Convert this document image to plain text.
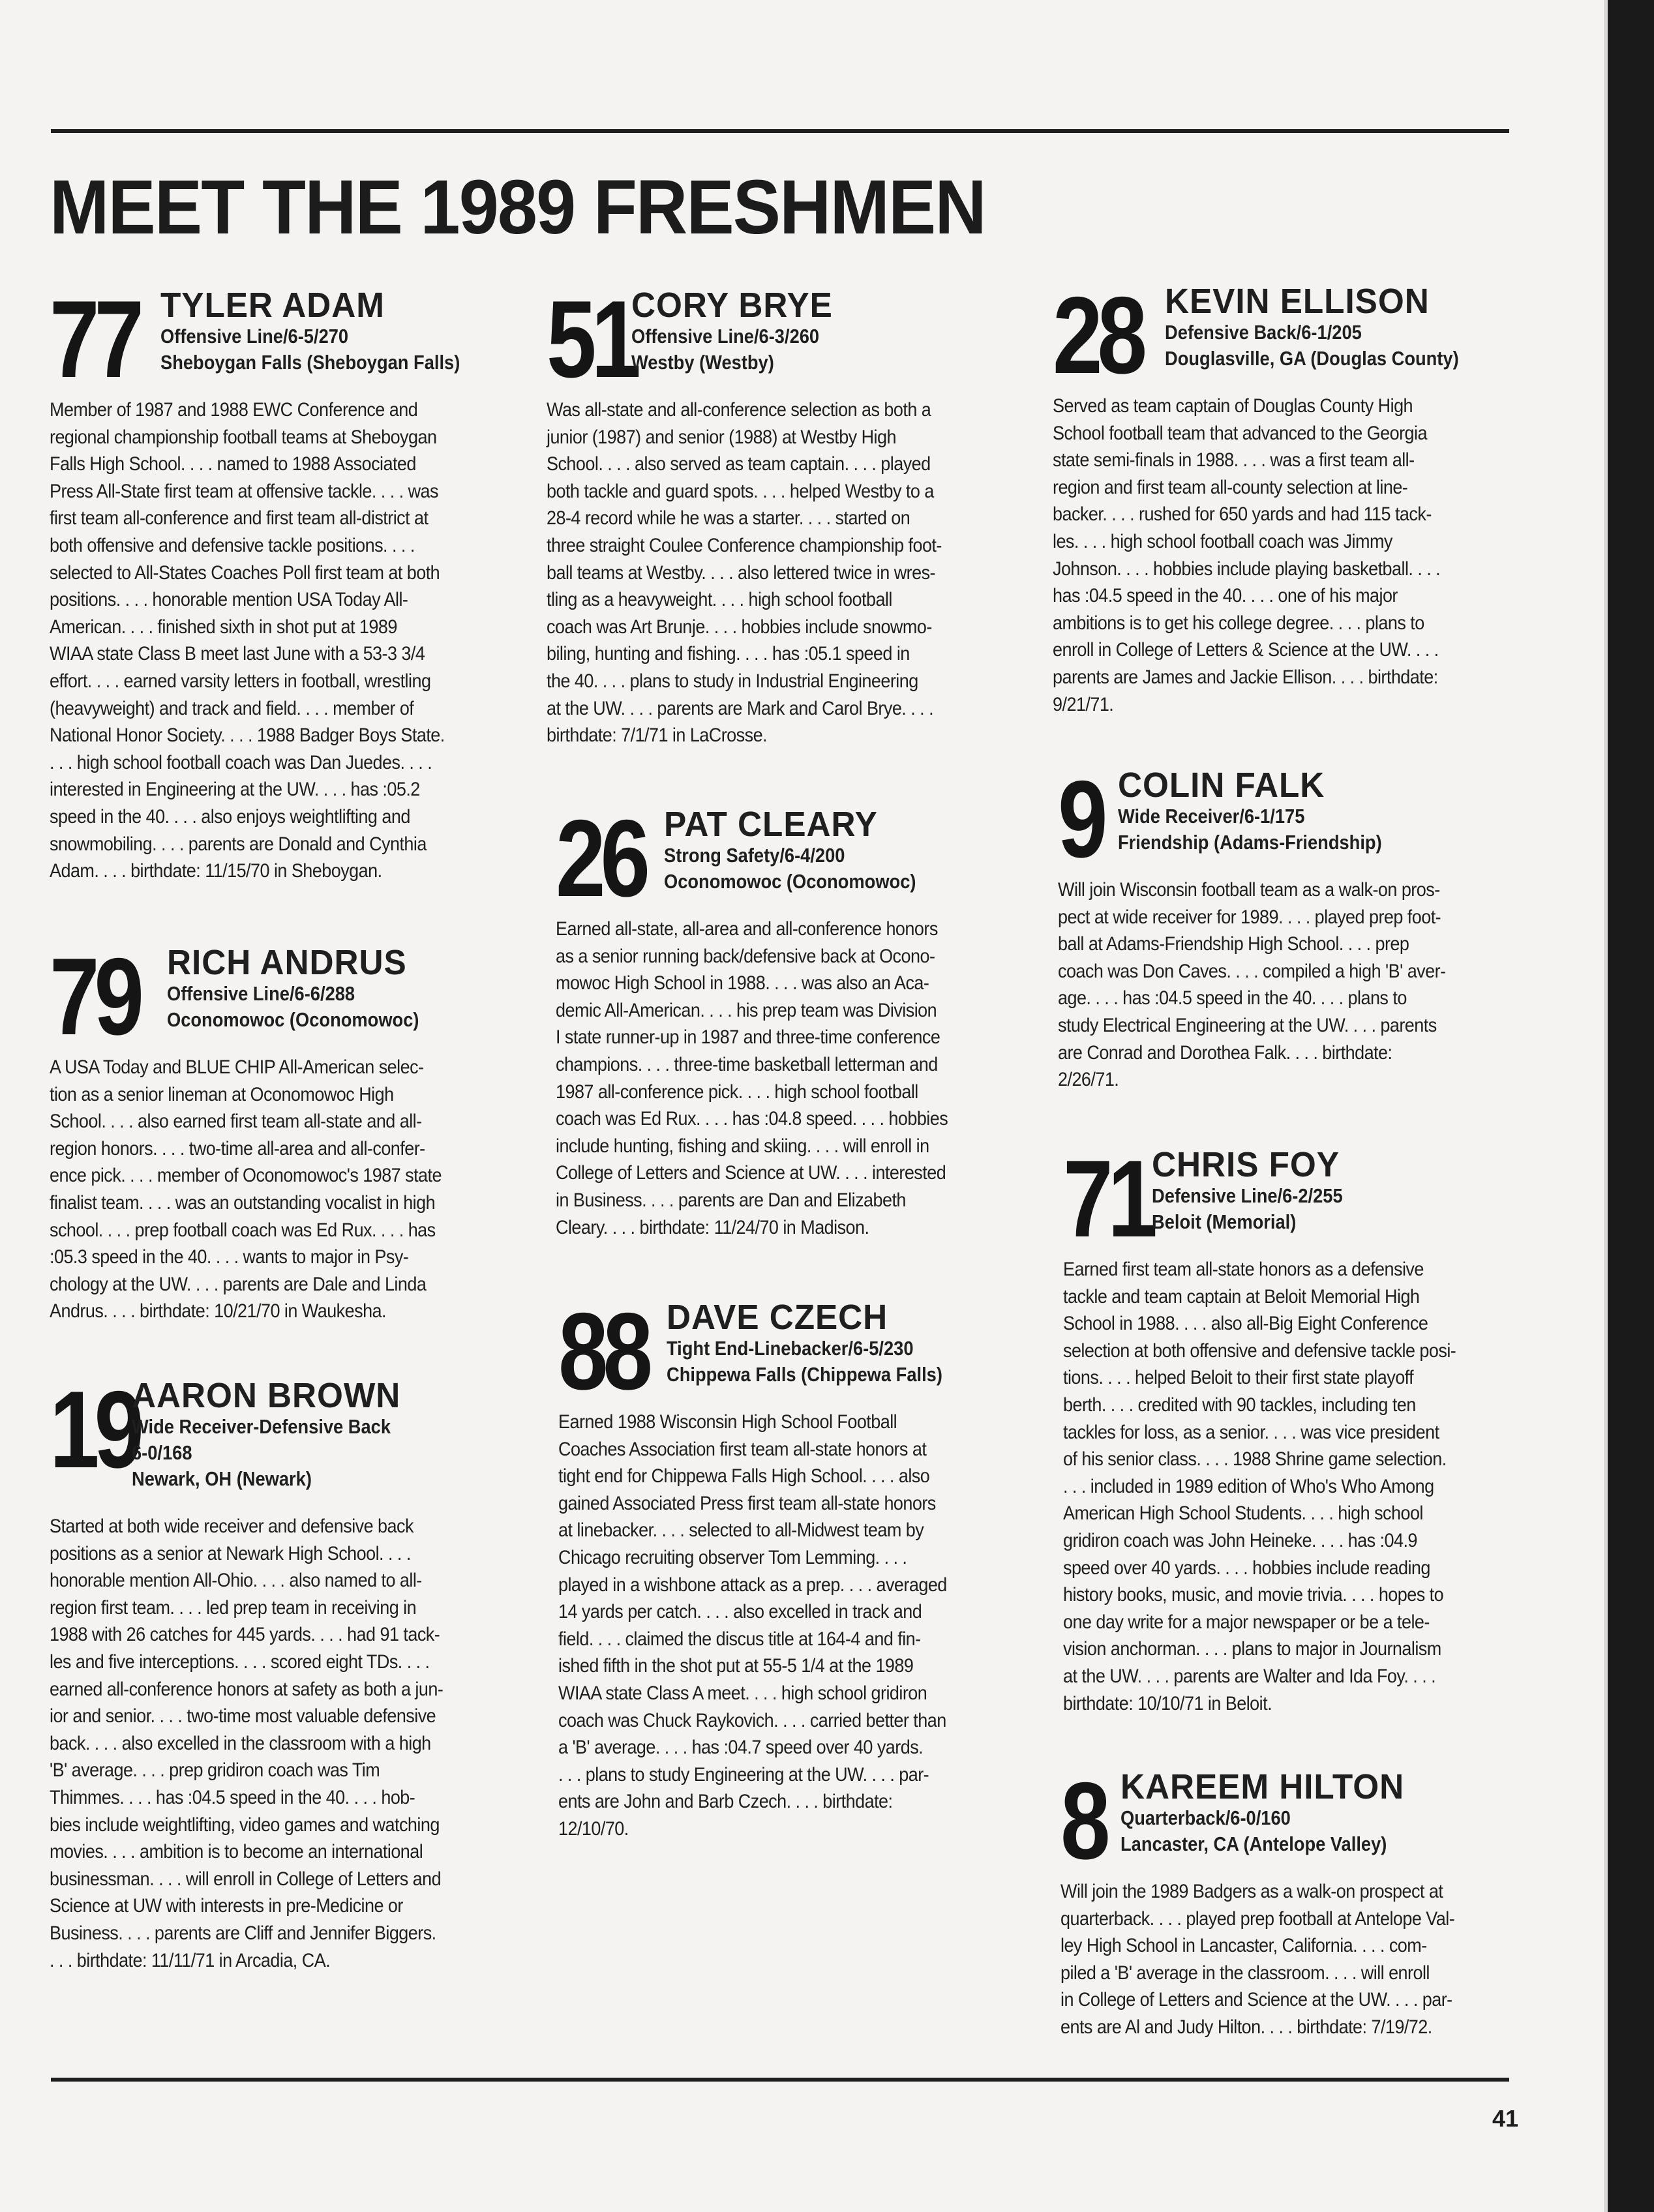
MEET THE 1989 FRESHMEN
77 TYLER ADAM
Offensive Line/6-5/270
Sheboygan Falls (Sheboygan Falls)

Member of 1987 and 1988 EWC Conference and

regional championship football teams at Sheboygan

Falls High School. . . . named to 1988 Associated

Press All-State first team at offensive tackle. . . . was

first team all-conference and first team all-district at

both offensive and defensive tackle positions. . . .

selected to All-States Coaches Poll first team at both

positions. . . . honorable mention USA Today All-

American. . . . finished sixth in shot put at 1989

WIAA state Class B meet last June with a 53-3 3/4

effort. . . . earned varsity letters in football, wrestling

(heavyweight) and track and field. . . . member of

National Honor Society. . . . 1988 Badger Boys State.

. . . high school football coach was Dan Juedes. . . .

interested in Engineering at the UW. . . . has :05.2

speed in the 40. . . . also enjoys weightlifting and

snowmobiling. . . . parents are Donald and Cynthia

Adam. . . . birthdate: 11/15/70 in Sheboygan.

79 RICH ANDRUS
Offensive Line/6-6/288
Oconomowoc (Oconomowoc)

A USA Today and BLUE CHIP All-American selec-

tion as a senior lineman at Oconomowoc High

School. . . . also earned first team all-state and all-

region honors. . . . two-time all-area and all-confer-

ence pick. . . . member of Oconomowoc's 1987 state

finalist team. . . . was an outstanding vocalist in high

school. . . . prep football coach was Ed Rux. . . . has

:05.3 speed in the 40. . . . wants to major in Psy-

chology at the UW. . . . parents are Dale and Linda

Andrus. . . . birthdate: 10/21/70 in Waukesha.

19
AARON BROWN
Wide Receiver-Defensive Back
6-0/168
Newark, OH (Newark)

Started at both wide receiver and defensive back

positions as a senior at Newark High School. . . .

honorable mention All-Ohio. . . . also named to all-

region first team. . . . led prep team in receiving in

1988 with 26 catches for 445 yards. . . . had 91 tack-

les and five interceptions. . . . scored eight TDs. . . .

earned all-conference honors at safety as both a jun-

ior and senior. . . . two-time most valuable defensive

back. . . . also excelled in the classroom with a high

'B' average. . . . prep gridiron coach was Tim

Thimmes. . . . has :04.5 speed in the 40. . . . hob-

bies include weightlifting, video games and watching

movies. . . . ambition is to become an international

businessman. . . . will enroll in College of Letters and

Science at UW with interests in pre-Medicine or

Business. . . . parents are Cliff and Jennifer Biggers.

. . . birthdate: 11/11/71 in Arcadia, CA.

51
CORY BRYE
Offensive Line/6-3/260
Westby (Westby)

Was all-state and all-conference selection as both a

junior (1987) and senior (1988) at Westby High

School. . . . also served as team captain. . . . played

both tackle and guard spots. . . . helped Westby to a

28-4 record while he was a starter. . . . started on

three straight Coulee Conference championship foot-

ball teams at Westby. . . . also lettered twice in wres-

tling as a heavyweight. . . . high school football

coach was Art Brunje. . . . hobbies include snowmo-

biling, hunting and fishing. . . . has :05.1 speed in

the 40. . . . plans to study in Industrial Engineering

at the UW. . . . parents are Mark and Carol Brye. . . .

birthdate: 7/1/71 in LaCrosse.

26 PAT CLEARY
Strong Safety/6-4/200
Oconomowoc (Oconomowoc)

Earned all-state, all-area and all-conference honors

as a senior running back/defensive back at Ocono-

mowoc High School in 1988. . . . was also an Aca-

demic All-American. . . . his prep team was Division

I state runner-up in 1987 and three-time conference

champions. . . . three-time basketball letterman and

1987 all-conference pick. . . . high school football

coach was Ed Rux. . . . has :04.8 speed. . . . hobbies

include hunting, fishing and skiing. . . . will enroll in

College of Letters and Science at UW. . . . interested

in Business. . . . parents are Dan and Elizabeth

Cleary. . . . birthdate: 11/24/70 in Madison.

88 DAVE CZECH
Tight End-Linebacker/6-5/230
Chippewa Falls (Chippewa Falls)

Earned 1988 Wisconsin High School Football

Coaches Association first team all-state honors at

tight end for Chippewa Falls High School. . . . also

gained Associated Press first team all-state honors

at linebacker. . . . selected to all-Midwest team by

Chicago recruiting observer Tom Lemming. . . .

played in a wishbone attack as a prep. . . . averaged

14 yards per catch. . . . also excelled in track and

field. . . . claimed the discus title at 164-4 and fin-

ished fifth in the shot put at 55-5 1/4 at the 1989

WIAA state Class A meet. . . . high school gridiron

coach was Chuck Raykovich. . . . carried better than

a 'B' average. . . . has :04.7 speed over 40 yards.

. . . plans to study Engineering at the UW. . . . par-

ents are John and Barb Czech. . . . birthdate:

12/10/70.

28 KEVIN ELLISON
Defensive Back/6-1/205
Douglasville, GA (Douglas County)

Served as team captain of Douglas County High

School football team that advanced to the Georgia

state semi-finals in 1988. . . . was a first team all-

region and first team all-county selection at line-

backer. . . . rushed for 650 yards and had 115 tack-

les. . . . high school football coach was Jimmy

Johnson. . . . hobbies include playing basketball. . . .

has :04.5 speed in the 40. . . . one of his major

ambitions is to get his college degree. . . . plans to

enroll in College of Letters & Science at the UW. . . .

parents are James and Jackie Ellison. . . . birthdate:

9/21/71.

9 COLIN FALK
Wide Receiver/6-1/175
Friendship (Adams-Friendship)

Will join Wisconsin football team as a walk-on pros-

pect at wide receiver for 1989. . . . played prep foot-

ball at Adams-Friendship High School. . . . prep

coach was Don Caves. . . . compiled a high 'B' aver-

age. . . . has :04.5 speed in the 40. . . . plans to

study Electrical Engineering at the UW. . . . parents

are Conrad and Dorothea Falk. . . . birthdate:

2/26/71.

71 CHRIS FOY
Defensive Line/6-2/255
Beloit (Memorial)

Earned first team all-state honors as a defensive

tackle and team captain at Beloit Memorial High

School in 1988. . . . also all-Big Eight Conference

selection at both offensive and defensive tackle posi-

tions. . . . helped Beloit to their first state playoff

berth. . . . credited with 90 tackles, including ten

tackles for loss, as a senior. . . . was vice president

of his senior class. . . . 1988 Shrine game selection.

. . . included in 1989 edition of Who's Who Among

American High School Students. . . . high school

gridiron coach was John Heineke. . . . has :04.9

speed over 40 yards. . . . hobbies include reading

history books, music, and movie trivia. . . . hopes to

one day write for a major newspaper or be a tele-

vision anchorman. . . . plans to major in Journalism

at the UW. . . . parents are Walter and Ida Foy. . . .

birthdate: 10/10/71 in Beloit.

8 KAREEM HILTON
Quarterback/6-0/160
Lancaster, CA (Antelope Valley)

Will join the 1989 Badgers as a walk-on prospect at

quarterback. . . . played prep football at Antelope Val-

ley High School in Lancaster, California. . . . com-

piled a 'B' average in the classroom. . . . will enroll

in College of Letters and Science at the UW. . . . par-

ents are Al and Judy Hilton. . . . birthdate: 7/19/72.

41
